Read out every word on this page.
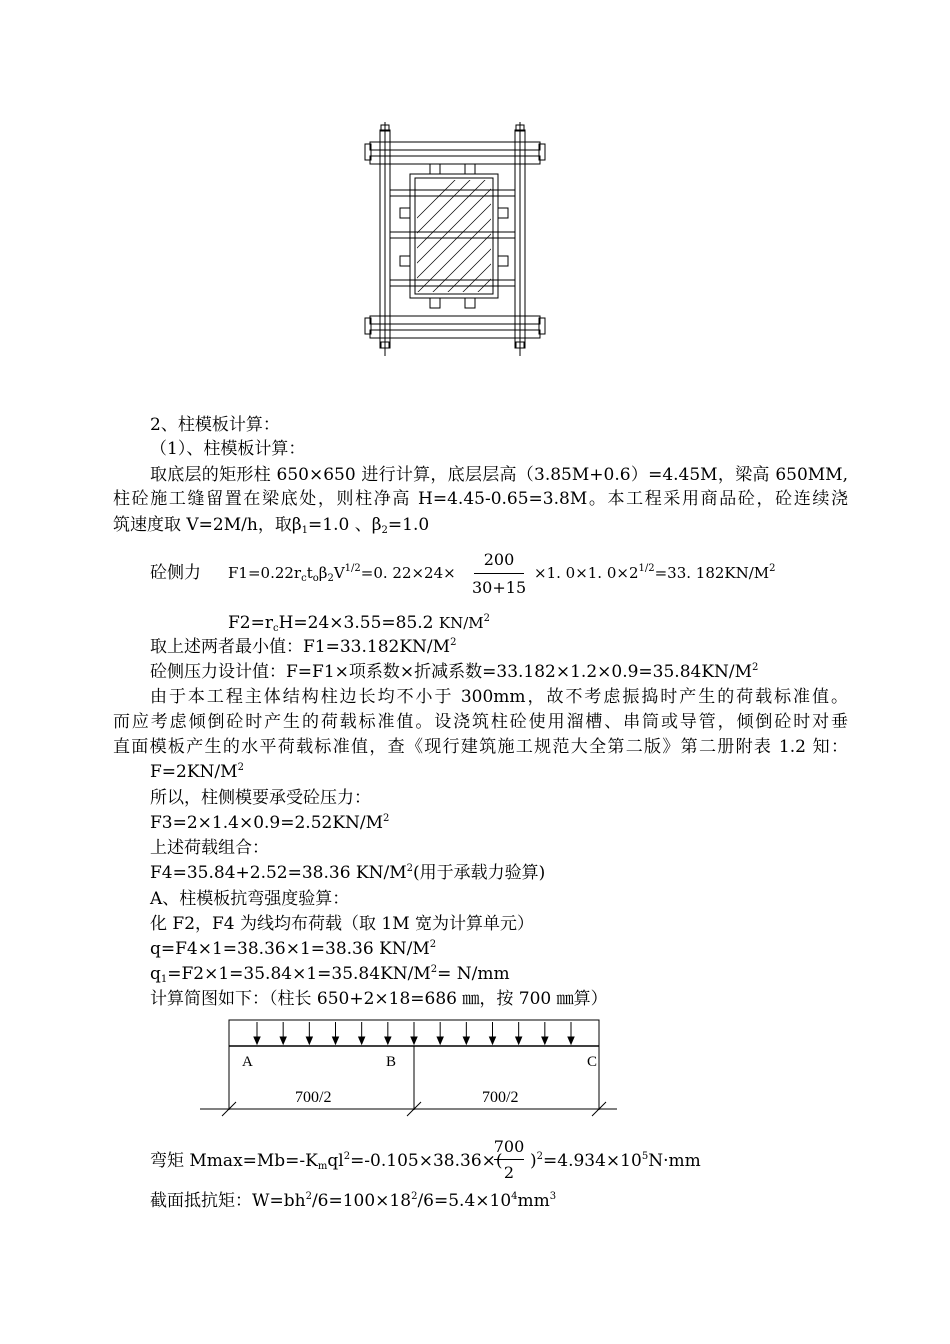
2、柱模板计算：
（1）、柱模板计算：
取底层的矩形柱 650×650 进行计算，底层层高（3.85M+0.6）=4.45M，梁高 650MM,
柱砼施工缝留置在梁底处，则柱净高 H=4.45-0.65=3.8M。本工程采用商品砼，砼连续浇
筑速度取 V=2M/h，取$\beta_1=1.0$ 、$\beta_2=1.0$
砼侧力 $F1=0.22r_ct_o\beta_2V^{1/2}=0$. 22×24×
200
30+15
×1. 0×1. $0\times 2^{1/2}=33$. $182KN/M^2$
$F2=r_cH=24\times 3.55=85.2$ $KN/M^2$
取上述两者最小值：$F1=33.182KN/M^2$
砼侧压力设计值：F=F1×项系数×折减系数$=33.182\times 1.2\times 0.9=35.84KN/M^2$
由于本工程主体结构柱边长均不小于 300mm，故不考虑振捣时产生的荷载标准值。
而应考虑倾倒砼时产生的荷载标准值。设浇筑柱砼使用溜槽、串筒或导管，倾倒砼时对垂
直面模板产生的水平荷载标准值，查《现行建筑施工规范大全第二版》第二册附表 1.2 知：
$F=2KN/M^2$
所以，柱侧模要承受砼压力：
$F3=2\times 1.4\times 0.9=2.52KN/M^2$
上述荷载组合：
F4=35.84+2.52=38.36 $KN/M^2$(用于承载力验算)
A、柱模板抗弯强度验算：
化 F2，F4 为线均布荷载（取 1M 宽为计算单元）
q=F4×1=38.36×1=38.36 $KN/M^2$
$q_1=F2\times 1=35.84\times 1=35.84KN/M^2= N/mm$
计算简图如下：（柱长 650+2×18=686 ㎜，按 700 ㎜算）
A	B	C
700/2	700/2
弯矩 $Mmax=Mb=-K_mql^2=-0.105\times 38.36\times$(
700
2
)$^2=4.934\times 10^5N\cdot mm$
截面抵抗矩：$W=bh^2/6=100\times 18^2/6=5.4\times 10^4mm^3$
